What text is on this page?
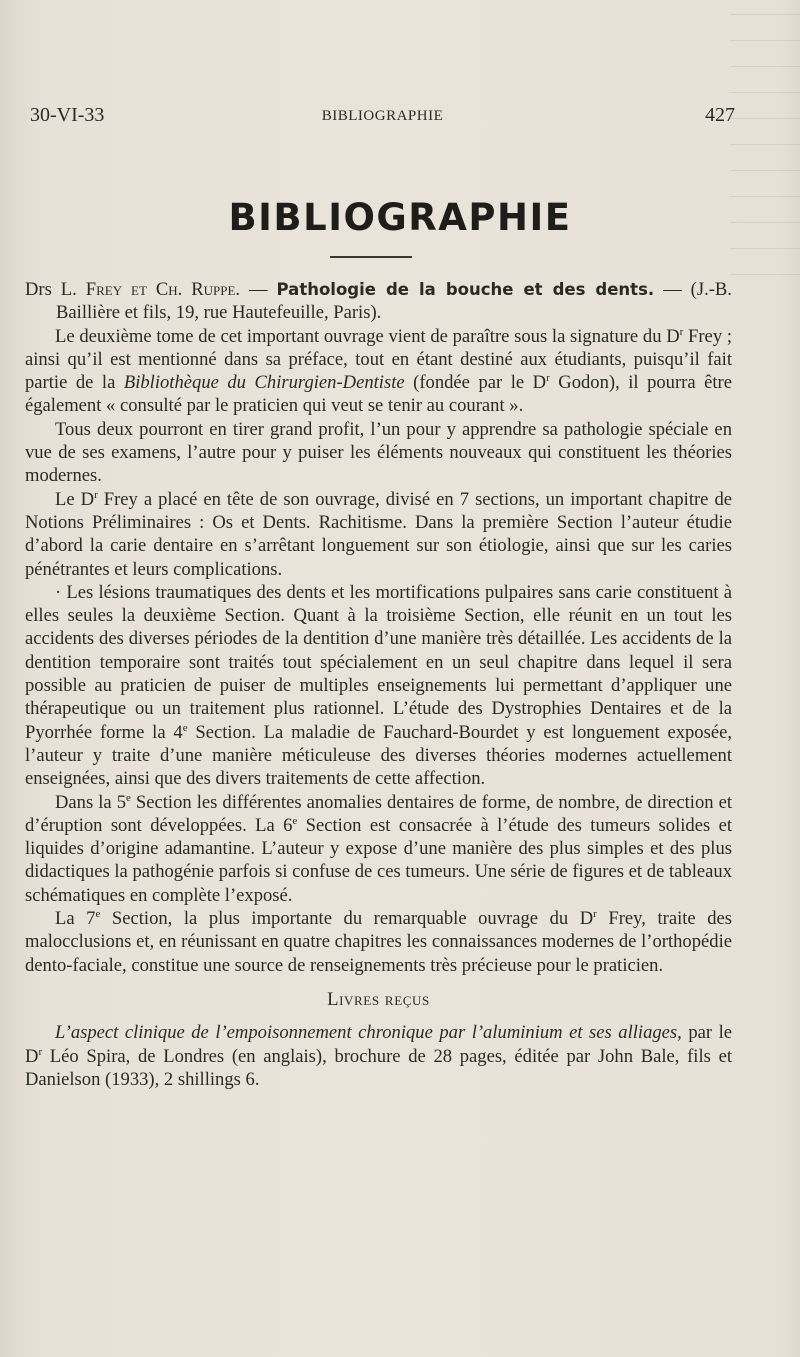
30-VI-33	BIBLIOGRAPHIE	427
BIBLIOGRAPHIE

Drs L. Frey et Ch. Ruppe. — Pathologie de la bouche et des dents. — (J.-B. Baillière et fils, 19, rue Hautefeuille, Paris).

Le deuxième tome de cet important ouvrage vient de paraître sous la signature du $D^r$ Frey ; ainsi qu’il est mentionné dans sa préface, tout en étant destiné aux étudiants, puisqu’il fait partie de la Bibliothèque du Chirurgien-Dentiste (fondée par le $D^r$ Godon), il pourra être également « consulté par le praticien qui veut se tenir au courant ».

Tous deux pourront en tirer grand profit, l’un pour y apprendre sa pathologie spéciale en vue de ses examens, l’autre pour y puiser les éléments nouveaux qui constituent les théories modernes.

Le $D^r$ Frey a placé en tête de son ouvrage, divisé en 7 sections, un important chapitre de Notions Préliminaires : Os et Dents. Rachitisme. Dans la première Section l’auteur étudie d’abord la carie dentaire en s’arrêtant longuement sur son étiologie, ainsi que sur les caries pénétrantes et leurs complications.

· Les lésions traumatiques des dents et les mortifications pulpaires sans carie constituent à elles seules la deuxième Section. Quant à la troisième Section, elle réunit en un tout les accidents des diverses périodes de la dentition d’une manière très détaillée. Les accidents de la dentition temporaire sont traités tout spécialement en un seul chapitre dans lequel il sera possible au praticien de puiser de multiples enseignements lui permettant d’appliquer une thérapeutique ou un traitement plus rationnel. L’étude des Dystrophies Dentaires et de la Pyorrhée forme la 4e Section. La maladie de Fauchard-Bourdet y est longuement exposée, l’auteur y traite d’une manière méticuleuse des diverses théories modernes actuellement enseignées, ainsi que des divers traitements de cette affection.

Dans la 5e Section les différentes anomalies dentaires de forme, de nombre, de direction et d’éruption sont développées. La 6e Section est consacrée à l’étude des tumeurs solides et liquides d’origine adamantine. L’auteur y expose d’une manière des plus simples et des plus didactiques la pathogénie parfois si confuse de ces tumeurs. Une série de figures et de tableaux schématiques en complète l’exposé.

La 7e Section, la plus importante du remarquable ouvrage du $D^r$ Frey, traite des malocclusions et, en réunissant en quatre chapitres les connaissances modernes de l’orthopédie dento-faciale, constitue une source de renseignements très précieuse pour le praticien.

Livres reçus

L’aspect clinique de l’empoisonnement chronique par l’aluminium et ses alliages, par le $D^r$ Léo Spira, de Londres (en anglais), brochure de 28 pages, éditée par John Bale, fils et Danielson (1933), 2 shillings 6.
